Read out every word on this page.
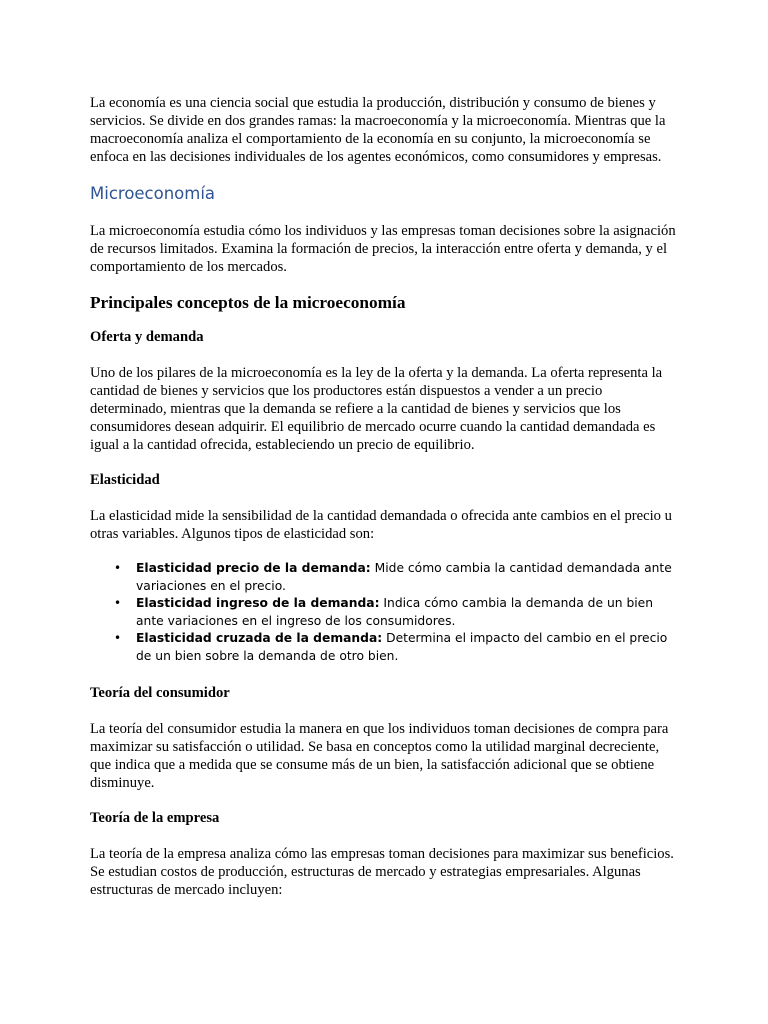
La economía es una ciencia social que estudia la producción, distribución y consumo de bienes y servicios. Se divide en dos grandes ramas: la macroeconomía y la microeconomía. Mientras que la macroeconomía analiza el comportamiento de la economía en su conjunto, la microeconomía se enfoca en las decisiones individuales de los agentes económicos, como consumidores y empresas.

Microeconomía

La microeconomía estudia cómo los individuos y las empresas toman decisiones sobre la asignación de recursos limitados. Examina la formación de precios, la interacción entre oferta y demanda, y el comportamiento de los mercados.

Principales conceptos de la microeconomía
Oferta y demanda

Uno de los pilares de la microeconomía es la ley de la oferta y la demanda. La oferta representa la cantidad de bienes y servicios que los productores están dispuestos a vender a un precio determinado, mientras que la demanda se refiere a la cantidad de bienes y servicios que los consumidores desean adquirir. El equilibrio de mercado ocurre cuando la cantidad demandada es igual a la cantidad ofrecida, estableciendo un precio de equilibrio.

Elasticidad

La elasticidad mide la sensibilidad de la cantidad demandada o ofrecida ante cambios en el precio u otras variables. Algunos tipos de elasticidad son:

• Elasticidad precio de la demanda: Mide cómo cambia la cantidad demandada ante variaciones en el precio.
• Elasticidad ingreso de la demanda: Indica cómo cambia la demanda de un bien ante variaciones en el ingreso de los consumidores.
• Elasticidad cruzada de la demanda: Determina el impacto del cambio en el precio de un bien sobre la demanda de otro bien.
Teoría del consumidor

La teoría del consumidor estudia la manera en que los individuos toman decisiones de compra para maximizar su satisfacción o utilidad. Se basa en conceptos como la utilidad marginal decreciente, que indica que a medida que se consume más de un bien, la satisfacción adicional que se obtiene disminuye.

Teoría de la empresa

La teoría de la empresa analiza cómo las empresas toman decisiones para maximizar sus beneficios. Se estudian costos de producción, estructuras de mercado y estrategias empresariales. Algunas estructuras de mercado incluyen:
